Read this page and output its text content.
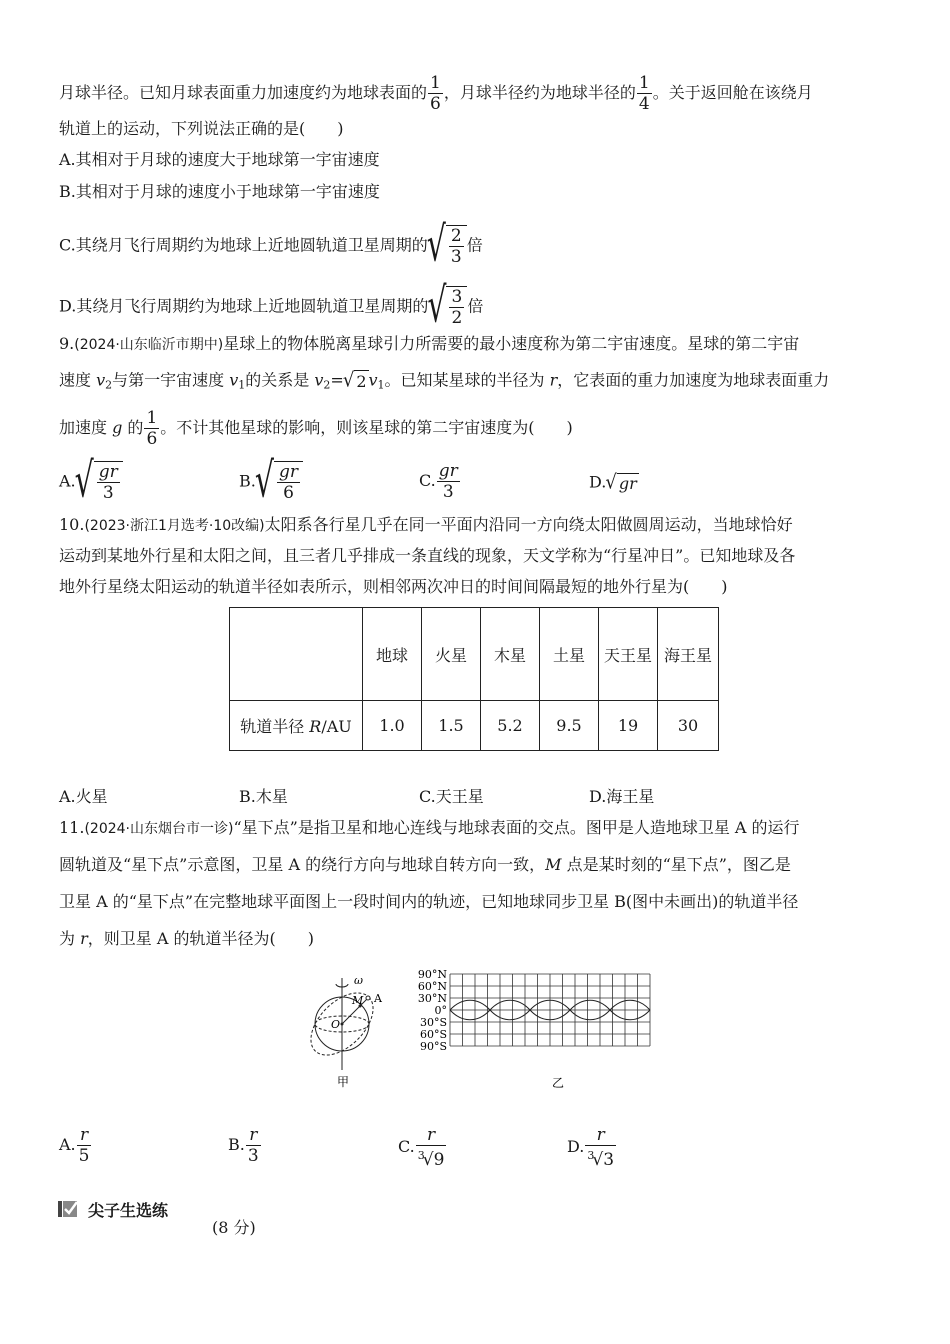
月球半径。已知月球表面重力加速度约为地球表面的 $\frac{1}{6}$ ，月球半径约为地球半径的 $\frac{1}{4}$ 。关于返回舱在该绕月
轨道上的运动，下列说法正确的是(　　)
A.其相对于月球的速度大于地球第一宇宙速度
B.其相对于月球的速度小于地球第一宇宙速度
C.其绕月飞行周期约为地球上近地圆轨道卫星周期的√ $\frac{2}{3}$ 倍
D.其绕月飞行周期约为地球上近地圆轨道卫星周期的√ $\frac{3}{2}$ 倍
9.(2024·山东临沂市期中)星球上的物体脱离星球引力所需要的最小速度称为第二宇宙速度。星球的第二宇宙
速度 $v_2$与第一宇宙速度 $v_1$的关系是 $v_2=√$ 2 $v_1$。已知某星球的半径为 r，它表面的重力加速度为地球表面重力
加速度 g 的 $\frac{1}{6}$ 。不计其他星球的影响，则该星球的第二宇宙速度为(　　)
$A.√ \frac{gr}{3}$	$B.√ \frac{gr}{6}$	C. $\frac{gr}{3}$	D.√ gr
10.(2023·浙江1月选考·10改编)太阳系各行星几乎在同一平面内沿同一方向绕太阳做圆周运动，当地球恰好
运动到某地外行星和太阳之间，且三者几乎排成一条直线的现象，天文学称为“行星冲日”。已知地球及各
地外行星绕太阳运动的轨道半径如表所示，则相邻两次冲日的时间间隔最短的地外行星为(　　)
	地球	火星	木星	土星	天王星	海王星
轨道半径 R/AU	1.0	1.5	5.2	9.5	19	30
A.火星	B.木星	C.天王星	D.海王星
11.(2024·山东烟台市一诊)“星下点”是指卫星和地心连线与地球表面的交点。图甲是人造地球卫星 A 的运行
圆轨道及“星下点”示意图，卫星 A 的绕行方向与地球自转方向一致，M 点是某时刻的“星下点”，图乙是
卫星 A 的“星下点”在完整地球平面图上一段时间内的轨迹，已知地球同步卫星 B(图中未画出)的轨道半径
为 r，则卫星 A 的轨道半径为(　　)
ω
M A
O
甲
90°N
60°N
30°N
0°
30°S
60°S
90°S
乙
A. $\frac{r}{5}$	B. $\frac{r}{3}$	C. $\frac{r}{^3√9}$	D. $\frac{r}{^3√3}$
尖子生选练
(8 分)
